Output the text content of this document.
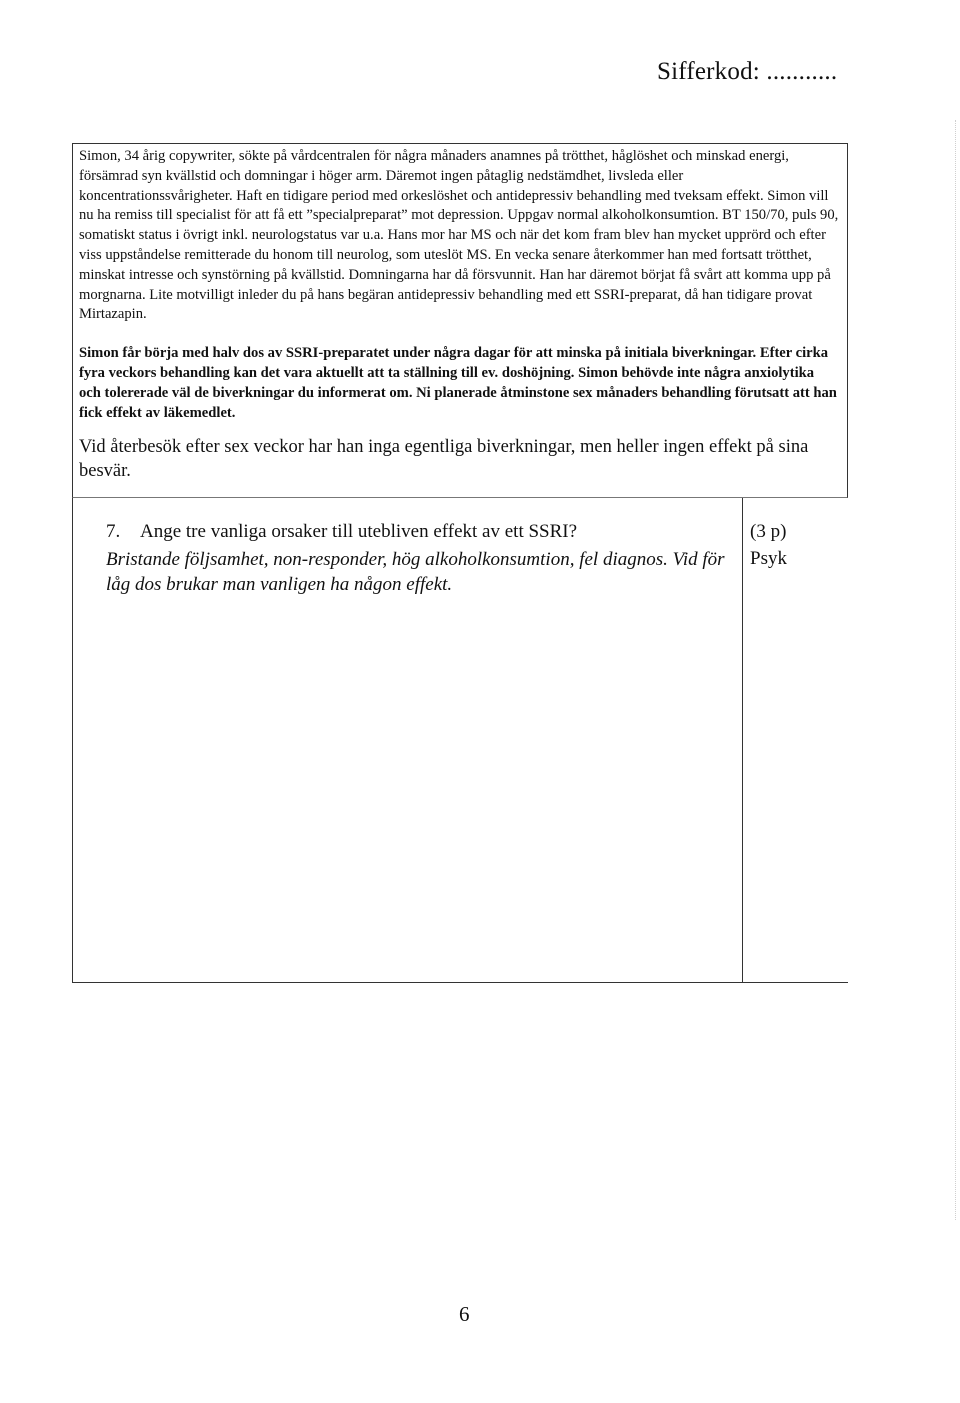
Sifferkod: ...........

Simon, 34 årig copywriter, sökte på vårdcentralen för några månaders anamnes på trötthet, håglöshet och minskad energi, försämrad syn kvällstid och domningar i höger arm. Däremot ingen påtaglig nedstämdhet, livsleda eller koncentrationssvårigheter. Haft en tidigare period med orkeslöshet och antidepressiv behandling med tveksam effekt. Simon vill nu ha remiss till specialist för att få ett ”specialpreparat” mot depression. Uppgav normal alkoholkonsumtion. BT 150/70, puls 90, somatiskt status i övrigt inkl. neurologstatus var u.a. Hans mor har MS och när det kom fram blev han mycket upprörd och efter viss uppståndelse remitterade du honom till neurolog, som uteslöt MS. En vecka senare återkommer han med fortsatt trötthet, minskat intresse och synstörning på kvällstid. Domningarna har då försvunnit. Han har däremot börjat få svårt att komma upp på morgnarna. Lite motvilligt inleder du på hans begäran antidepressiv behandling med ett SSRI-preparat, då han tidigare provat Mirtazapin.

Simon får börja med halv dos av SSRI-preparatet under några dagar för att minska på initiala biverkningar. Efter cirka fyra veckors behandling kan det vara aktuellt att ta ställning till ev. doshöjning. Simon behövde inte några anxiolytika och tolererade väl de biverkningar du informerat om. Ni planerade åtminstone sex månaders behandling förutsatt att han fick effekt av läkemedlet.

Vid återbesök efter sex veckor har han inga egentliga biverkningar, men heller ingen effekt på sina besvär.

7. Ange tre vanliga orsaker till utebliven effekt av ett SSRI?
Bristande följsamhet, non-responder, hög alkoholkonsumtion, fel diagnos. Vid för låg dos brukar man vanligen ha någon effekt.
(3 p)
Psyk
6
